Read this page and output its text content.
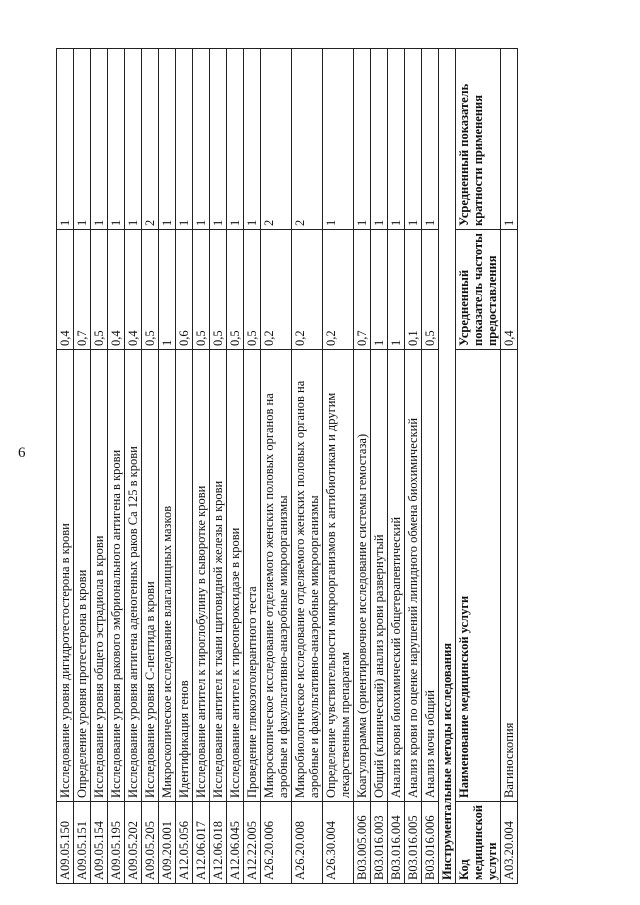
6
A09.05.150	Исследование уровня дигидротестостерона в крови	0,4	1
A09.05.151	Определение уровня протестерона в крови	0,7	1
A09.05.154	Исследование уровня общего эстрадиола в крови	0,5	1
A09.05.195	Исследование уровня ракового эмбрионального антигена в крови	0,4	1
A09.05.202	Исследование уровня антигена аденогенных раков Ca 125 в крови	0,4	1
A09.05.205	Исследование уровня С-пептида в крови	0,5	2
A09.20.001	Микроскопическое исследование влагалищных мазков	1	1
A12.05.056	Идентификация генов	0,6	1
A12.06.017	Исследование антител к тироглобулину в сыворотке крови	0,5	1
A12.06.018	Исследование антител к ткани щитовидной железы в крови	0,5	1
A12.06.045	Исследование антител к тиреопероксидазе в крови	0,5	1
A12.22.005	Проведение глюкозотолерантного теста	0,5	1
A26.20.006	Микроскопическое исследование отделяемого женских половых органов на аэробные и факультативно-анаэробные микроорганизмы	0,2	2
A26.20.008	Микробиологическое исследование отделяемого женских половых органов на аэробные и факультативно-анаэробные микроорганизмы	0,2	2
A26.30.004	Определение чувствительности микроорганизмов к антибиотикам и другим лекарственным препаратам	0,2	1
B03.005.006	Коагулограмма (ориентировочное исследование системы гемостаза)	0,7	1
B03.016.003	Общий (клинический) анализ крови развернутый	1	1
B03.016.004	Анализ крови биохимический общетерапевтический	1	1
B03.016.005	Анализ крови по оценке нарушений липидного обмена биохимический	0,1	1
B03.016.006	Анализ мочи общий	0,5	1
Инструментальные методы исследования			
Код медицинской услуги	Наименование медицинской услуги	Усредненный показатель частоты предоставления	Усредненный показатель кратности применения
A03.20.004	Вагиноскопия	0,4	1
